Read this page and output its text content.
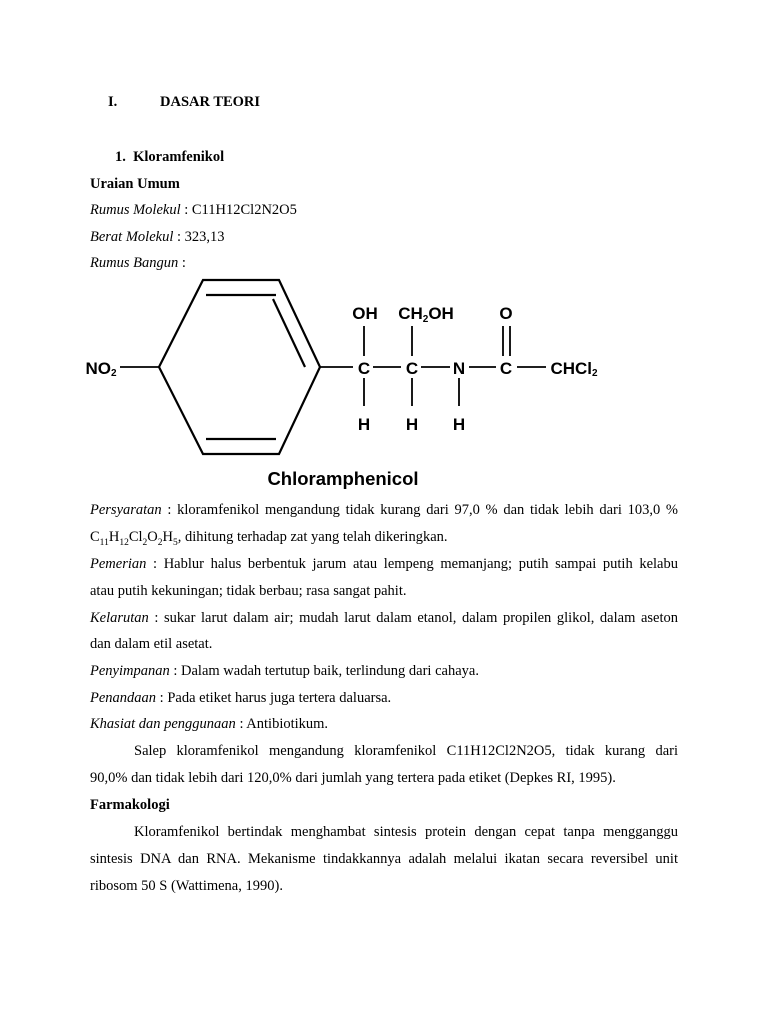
I.	DASAR TEORI
1. Kloramfenikol
Uraian Umum
Rumus Molekul : C11H12Cl2N2O5
Berat Molekul : 323,13
Rumus Bangun :
NO2
OH CH2OH	O
C C N C CHCl2
H H H
Chloramphenicol
Persyaratan : kloramfenikol mengandung tidak kurang dari 97,0 % dan tidak lebih dari 103,0 %
$C_{11}H_{12}Cl_2O_2H_5$, dihitung terhadap zat yang telah dikeringkan.
Pemerian : Hablur halus berbentuk jarum atau lempeng memanjang; putih sampai putih kelabu
atau putih kekuningan; tidak berbau; rasa sangat pahit.
Kelarutan : sukar larut dalam air; mudah larut dalam etanol, dalam propilen glikol, dalam aseton
dan dalam etil asetat.
Penyimpanan : Dalam wadah tertutup baik, terlindung dari cahaya.
Penandaan : Pada etiket harus juga tertera daluarsa.
Khasiat dan penggunaan : Antibiotikum.
Salep kloramfenikol mengandung kloramfenikol C11H12Cl2N2O5, tidak kurang dari
90,0% dan tidak lebih dari 120,0% dari jumlah yang tertera pada etiket (Depkes RI, 1995).
Farmakologi
Kloramfenikol bertindak menghambat sintesis protein dengan cepat tanpa mengganggu
sintesis DNA dan RNA. Mekanisme tindakkannya adalah melalui ikatan secara reversibel unit
ribosom 50 S (Wattimena, 1990).
